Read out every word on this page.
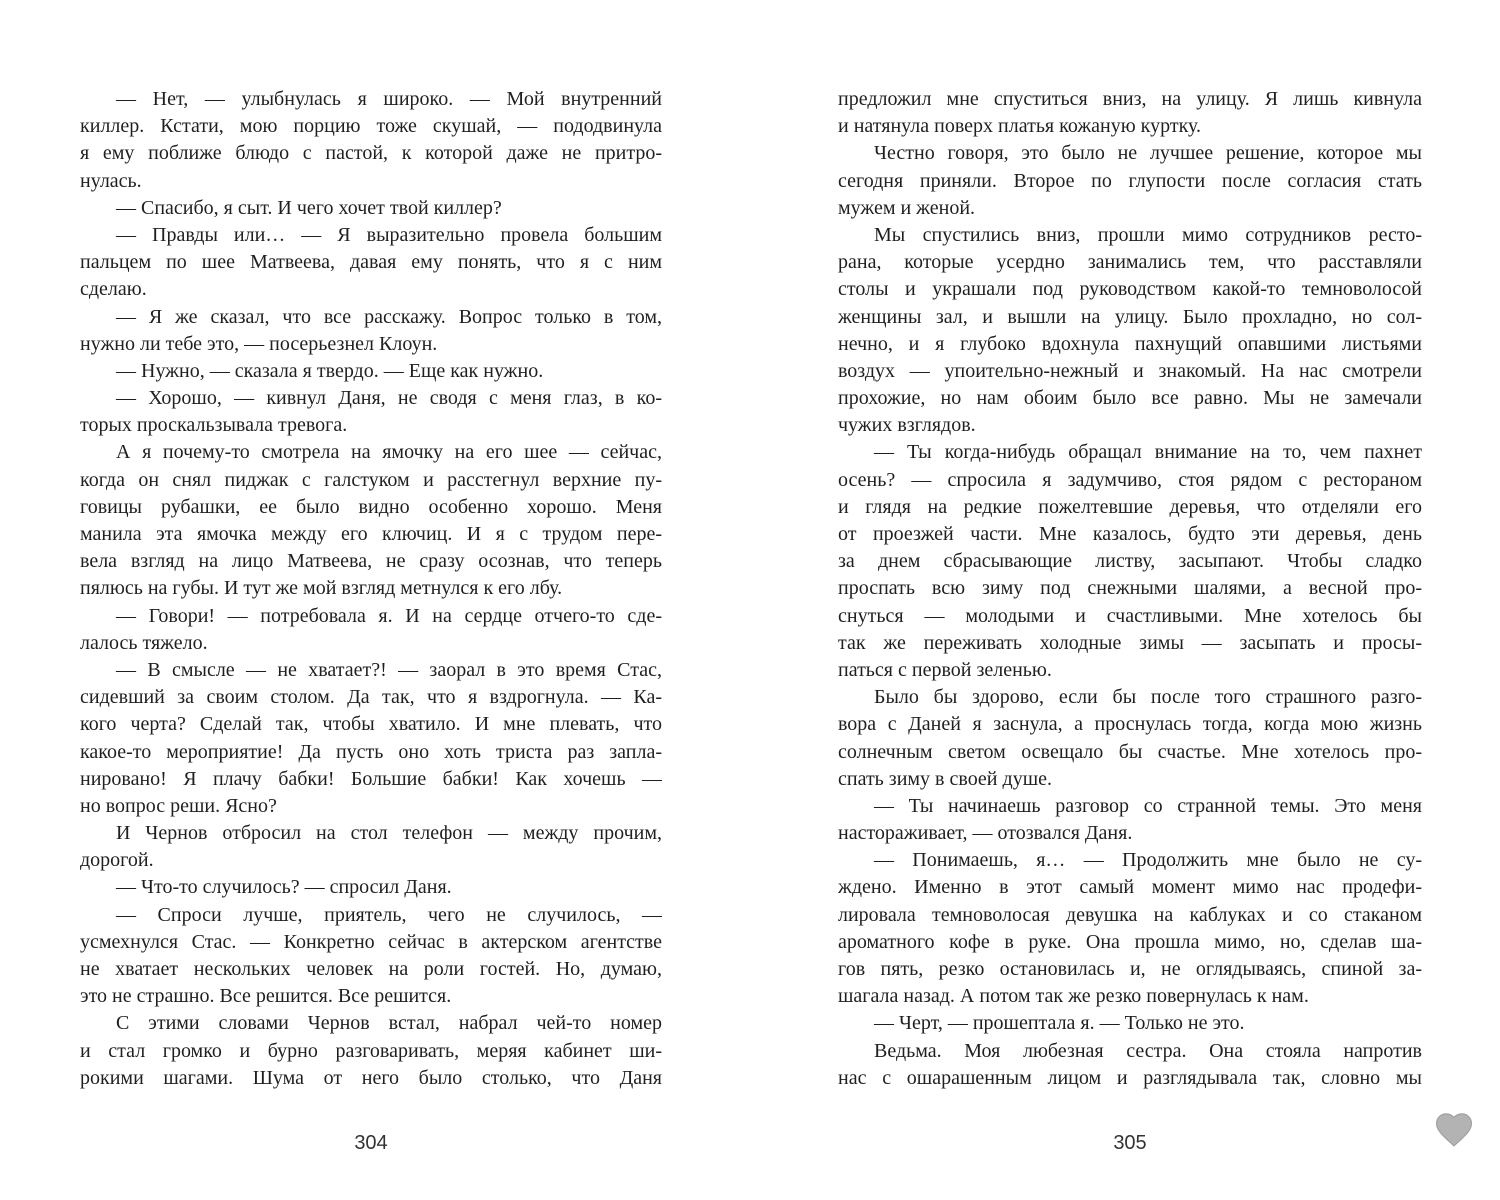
— Нет, — улыбнулась я широко. — Мой внутренний
киллер. Кстати, мою порцию тоже скушай, — пододвинула
я ему поближе блюдо с пастой, к которой даже не притро-
нулась.
— Спасибо, я сыт. И чего хочет твой киллер?
— Правды или… — Я выразительно провела большим
пальцем по шее Матвеева, давая ему понять, что я с ним
сделаю.
— Я же сказал, что все расскажу. Вопрос только в том,
нужно ли тебе это, — посерьезнел Клоун.
— Нужно, — сказала я твердо. — Еще как нужно.
— Хорошо, — кивнул Даня, не сводя с меня глаз, в ко-
торых проскальзывала тревога.
А я почему-то смотрела на ямочку на его шее — сейчас,
когда он снял пиджак с галстуком и расстегнул верхние пу-
говицы рубашки, ее было видно особенно хорошо. Меня
манила эта ямочка между его ключиц. И я с трудом пере-
вела взгляд на лицо Матвеева, не сразу осознав, что теперь
пялюсь на губы. И тут же мой взгляд метнулся к его лбу.
— Говори! — потребовала я. И на сердце отчего-то сде-
лалось тяжело.
— В смысле — не хватает?! — заорал в это время Стас,
сидевший за своим столом. Да так, что я вздрогнула. — Ка-
кого черта? Сделай так, чтобы хватило. И мне плевать, что
какое-то мероприятие! Да пусть оно хоть триста раз запла-
нировано! Я плачу бабки! Большие бабки! Как хочешь —
но вопрос реши. Ясно?
И Чернов отбросил на стол телефон — между прочим,
дорогой.
— Что-то случилось? — спросил Даня.
— Спроси лучше, приятель, чего не случилось, —
усмехнулся Стас. — Конкретно сейчас в актерском агентстве
не хватает нескольких человек на роли гостей. Но, думаю,
это не страшно. Все решится. Все решится.
С этими словами Чернов встал, набрал чей-то номер
и стал громко и бурно разговаривать, меряя кабинет ши-
рокими шагами. Шума от него было столько, что Даня
предложил мне спуститься вниз, на улицу. Я лишь кивнула
и натянула поверх платья кожаную куртку.
Честно говоря, это было не лучшее решение, которое мы
сегодня приняли. Второе по глупости после согласия стать
мужем и женой.
Мы спустились вниз, прошли мимо сотрудников ресто-
рана, которые усердно занимались тем, что расставляли
столы и украшали под руководством какой-то темноволосой
женщины зал, и вышли на улицу. Было прохладно, но сол-
нечно, и я глубоко вдохнула пахнущий опавшими листьями
воздух — упоительно-нежный и знакомый. На нас смотрели
прохожие, но нам обоим было все равно. Мы не замечали
чужих взглядов.
— Ты когда-нибудь обращал внимание на то, чем пахнет
осень? — спросила я задумчиво, стоя рядом с рестораном
и глядя на редкие пожелтевшие деревья, что отделяли его
от проезжей части. Мне казалось, будто эти деревья, день
за днем сбрасывающие листву, засыпают. Чтобы сладко
проспать всю зиму под снежными шалями, а весной про-
снуться — молодыми и счастливыми. Мне хотелось бы
так же переживать холодные зимы — засыпать и просы-
паться с первой зеленью.
Было бы здорово, если бы после того страшного разго-
вора с Даней я заснула, а проснулась тогда, когда мою жизнь
солнечным светом освещало бы счастье. Мне хотелось про-
спать зиму в своей душе.
— Ты начинаешь разговор со странной темы. Это меня
настораживает, — отозвался Даня.
— Понимаешь, я… — Продолжить мне было не су-
ждено. Именно в этот самый момент мимо нас продефи-
лировала темноволосая девушка на каблуках и со стаканом
ароматного кофе в руке. Она прошла мимо, но, сделав ша-
гов пять, резко остановилась и, не оглядываясь, спиной за-
шагала назад. А потом так же резко повернулась к нам.
— Черт, — прошептала я. — Только не это.
Ведьма. Моя любезная сестра. Она стояла напротив
нас с ошарашенным лицом и разглядывала так, словно мы
304	305
